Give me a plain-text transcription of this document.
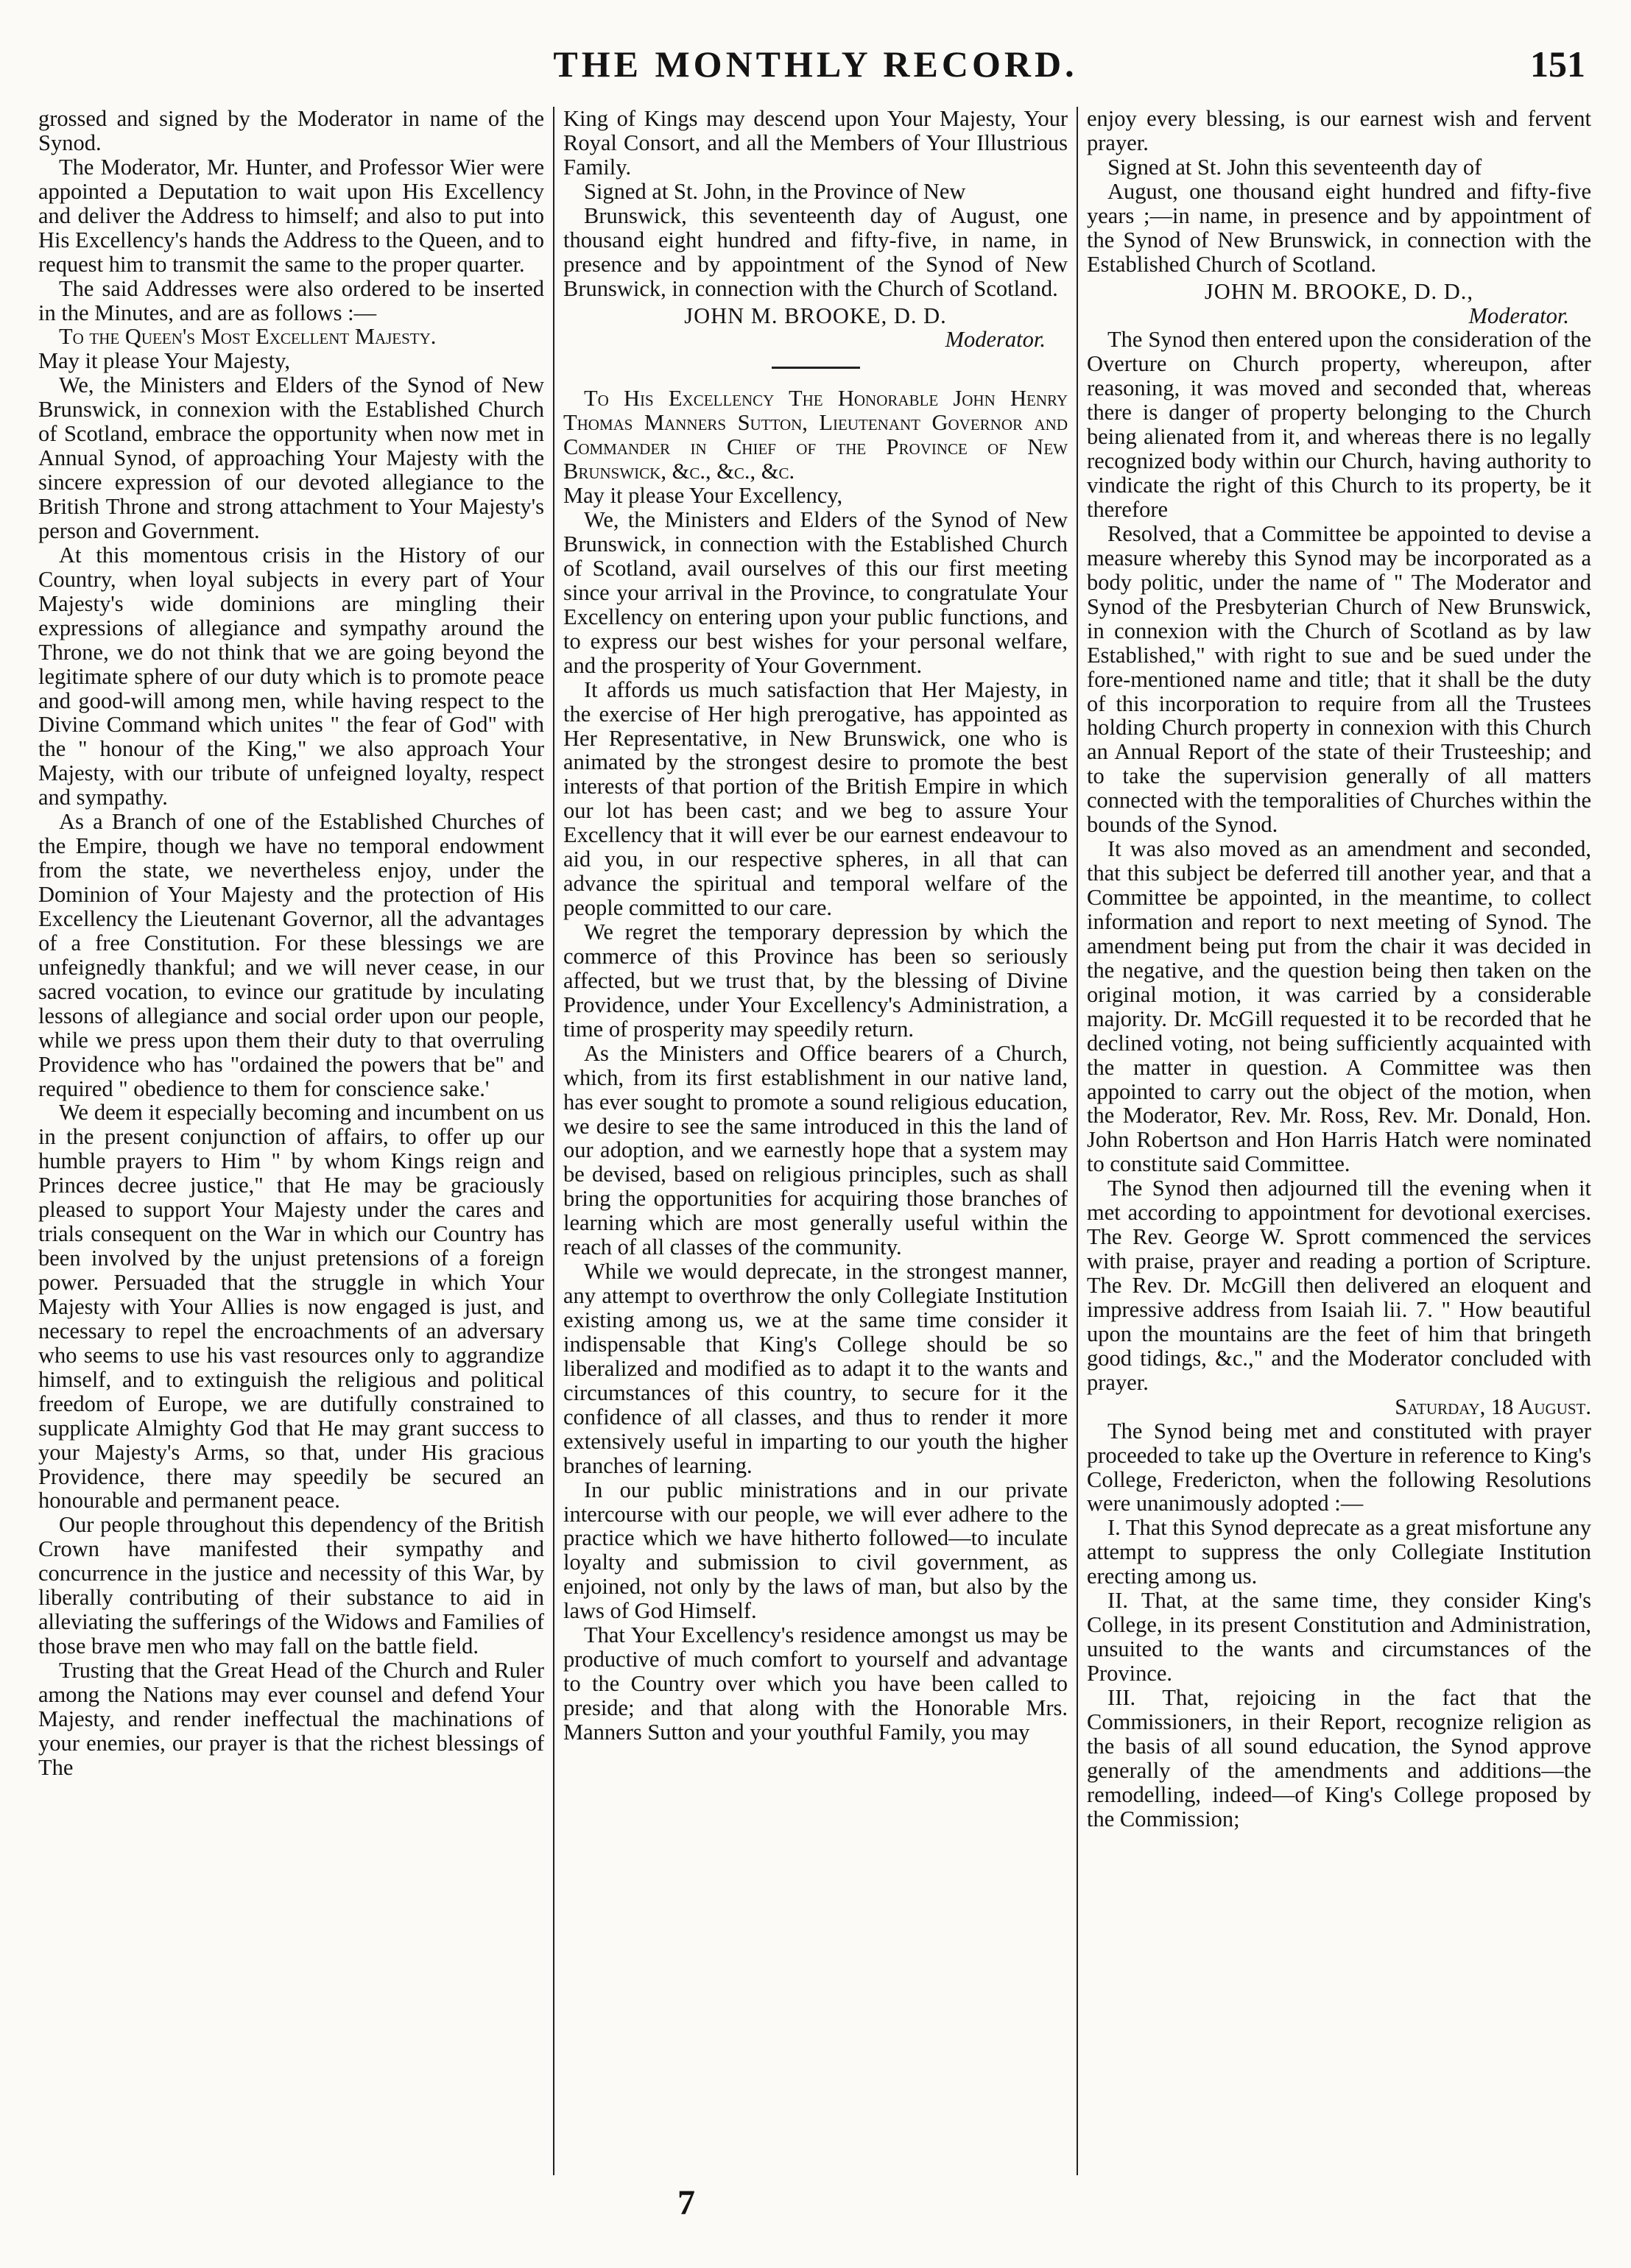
THE MONTHLY RECORD.	151

grossed and signed by the Moderator in name of the Synod.

The Moderator, Mr. Hunter, and Professor Wier were appointed a Deputation to wait upon His Excellency and deliver the Address to himself; and also to put into His Excellency's hands the Address to the Queen, and to request him to transmit the same to the proper quarter.

The said Addresses were also ordered to be inserted in the Minutes, and are as follows :—

To the Queen's Most Excellent Majesty.

May it please Your Majesty,

We, the Ministers and Elders of the Synod of New Brunswick, in connexion with the Established Church of Scotland, embrace the opportunity when now met in Annual Synod, of approaching Your Majesty with the sincere expression of our devoted allegiance to the British Throne and strong attachment to Your Majesty's person and Government.

At this momentous crisis in the History of our Country, when loyal subjects in every part of Your Majesty's wide dominions are mingling their expressions of allegiance and sympathy around the Throne, we do not think that we are going beyond the legitimate sphere of our duty which is to promote peace and good-will among men, while having respect to the Divine Command which unites " the fear of God" with the " honour of the King," we also approach Your Majesty, with our tribute of unfeigned loyalty, respect and sympathy.

As a Branch of one of the Established Churches of the Empire, though we have no temporal endowment from the state, we nevertheless enjoy, under the Dominion of Your Majesty and the protection of His Excellency the Lieutenant Governor, all the advantages of a free Constitution. For these blessings we are unfeignedly thankful; and we will never cease, in our sacred vocation, to evince our gratitude by inculating lessons of allegiance and social order upon our people, while we press upon them their duty to that overruling Providence who has "ordained the powers that be" and required " obedience to them for conscience sake.'

We deem it especially becoming and incumbent on us in the present conjunction of affairs, to offer up our humble prayers to Him " by whom Kings reign and Princes decree justice," that He may be graciously pleased to support Your Majesty under the cares and trials consequent on the War in which our Country has been involved by the unjust pretensions of a foreign power. Persuaded that the struggle in which Your Majesty with Your Allies is now engaged is just, and necessary to repel the encroachments of an adversary who seems to use his vast resources only to aggrandize himself, and to extinguish the religious and political freedom of Europe, we are dutifully constrained to supplicate Almighty God that He may grant success to your Majesty's Arms, so that, under His gracious Providence, there may speedily be secured an honourable and permanent peace.

Our people throughout this dependency of the British Crown have manifested their sympathy and concurrence in the justice and necessity of this War, by liberally contributing of their substance to aid in alleviating the sufferings of the Widows and Families of those brave men who may fall on the battle field.

Trusting that the Great Head of the Church and Ruler among the Nations may ever counsel and defend Your Majesty, and render ineffectual the machinations of your enemies, our prayer is that the richest blessings of The

King of Kings may descend upon Your Majesty, Your Royal Consort, and all the Members of Your Illustrious Family.

Signed at St. John, in the Province of New

Brunswick, this seventeenth day of August, one thousand eight hundred and fifty-five, in name, in presence and by appointment of the Synod of New Brunswick, in connection with the Church of Scotland.

JOHN M. BROOKE, D. D.
Moderator.

To His Excellency The Honorable John Henry Thomas Manners Sutton, Lieutenant Governor and Commander in Chief of the Province of New Brunswick, &c., &c., &c.

May it please Your Excellency,

We, the Ministers and Elders of the Synod of New Brunswick, in connection with the Established Church of Scotland, avail ourselves of this our first meeting since your arrival in the Province, to congratulate Your Excellency on entering upon your public functions, and to express our best wishes for your personal welfare, and the prosperity of Your Government.

It affords us much satisfaction that Her Majesty, in the exercise of Her high prerogative, has appointed as Her Representative, in New Brunswick, one who is animated by the strongest desire to promote the best interests of that portion of the British Empire in which our lot has been cast; and we beg to assure Your Excellency that it will ever be our earnest endeavour to aid you, in our respective spheres, in all that can advance the spiritual and temporal welfare of the people committed to our care.

We regret the temporary depression by which the commerce of this Province has been so seriously affected, but we trust that, by the blessing of Divine Providence, under Your Excellency's Administration, a time of prosperity may speedily return.

As the Ministers and Office bearers of a Church, which, from its first establishment in our native land, has ever sought to promote a sound religious education, we desire to see the same introduced in this the land of our adoption, and we earnestly hope that a system may be devised, based on religious principles, such as shall bring the opportunities for acquiring those branches of learning which are most generally useful within the reach of all classes of the community.

While we would deprecate, in the strongest manner, any attempt to overthrow the only Collegiate Institution existing among us, we at the same time consider it indispensable that King's College should be so liberalized and modified as to adapt it to the wants and circumstances of this country, to secure for it the confidence of all classes, and thus to render it more extensively useful in imparting to our youth the higher branches of learning.

In our public ministrations and in our private intercourse with our people, we will ever adhere to the practice which we have hitherto followed—to inculate loyalty and submission to civil government, as enjoined, not only by the laws of man, but also by the laws of God Himself.

That Your Excellency's residence amongst us may be productive of much comfort to yourself and advantage to the Country over which you have been called to preside; and that along with the Honorable Mrs. Manners Sutton and your youthful Family, you may

enjoy every blessing, is our earnest wish and fervent prayer.

Signed at St. John this seventeenth day of

August, one thousand eight hundred and fifty-five years ;—in name, in presence and by appointment of the Synod of New Brunswick, in connection with the Established Church of Scotland.

JOHN M. BROOKE, D. D.,
Moderator.

The Synod then entered upon the consideration of the Overture on Church property, whereupon, after reasoning, it was moved and seconded that, whereas there is danger of property belonging to the Church being alienated from it, and whereas there is no legally recognized body within our Church, having authority to vindicate the right of this Church to its property, be it therefore

Resolved, that a Committee be appointed to devise a measure whereby this Synod may be incorporated as a body politic, under the name of " The Moderator and Synod of the Presbyterian Church of New Brunswick, in connexion with the Church of Scotland as by law Established," with right to sue and be sued under the fore-mentioned name and title; that it shall be the duty of this incorporation to require from all the Trustees holding Church property in connexion with this Church an Annual Report of the state of their Trusteeship; and to take the supervision generally of all matters connected with the temporalities of Churches within the bounds of the Synod.

It was also moved as an amendment and seconded, that this subject be deferred till another year, and that a Committee be appointed, in the meantime, to collect information and report to next meeting of Synod. The amendment being put from the chair it was decided in the negative, and the question being then taken on the original motion, it was carried by a considerable majority. Dr. McGill requested it to be recorded that he declined voting, not being sufficiently acquainted with the matter in question. A Committee was then appointed to carry out the object of the motion, when the Moderator, Rev. Mr. Ross, Rev. Mr. Donald, Hon. John Robertson and Hon Harris Hatch were nominated to constitute said Committee.

The Synod then adjourned till the evening when it met according to appointment for devotional exercises. The Rev. George W. Sprott commenced the services with praise, prayer and reading a portion of Scripture. The Rev. Dr. McGill then delivered an eloquent and impressive address from Isaiah lii. 7. " How beautiful upon the mountains are the feet of him that bringeth good tidings, &c.," and the Moderator concluded with prayer.

Saturday, 18 August.

The Synod being met and constituted with prayer proceeded to take up the Overture in reference to King's College, Fredericton, when the following Resolutions were unanimously adopted :—

I. That this Synod deprecate as a great misfortune any attempt to suppress the only Collegiate Institution erecting among us.

II. That, at the same time, they consider King's College, in its present Constitution and Administration, unsuited to the wants and circumstances of the Province.

III. That, rejoicing in the fact that the Commissioners, in their Report, recognize religion as the basis of all sound education, the Synod approve generally of the amendments and additions—the remodelling, indeed—of King's College proposed by the Commission;

7
